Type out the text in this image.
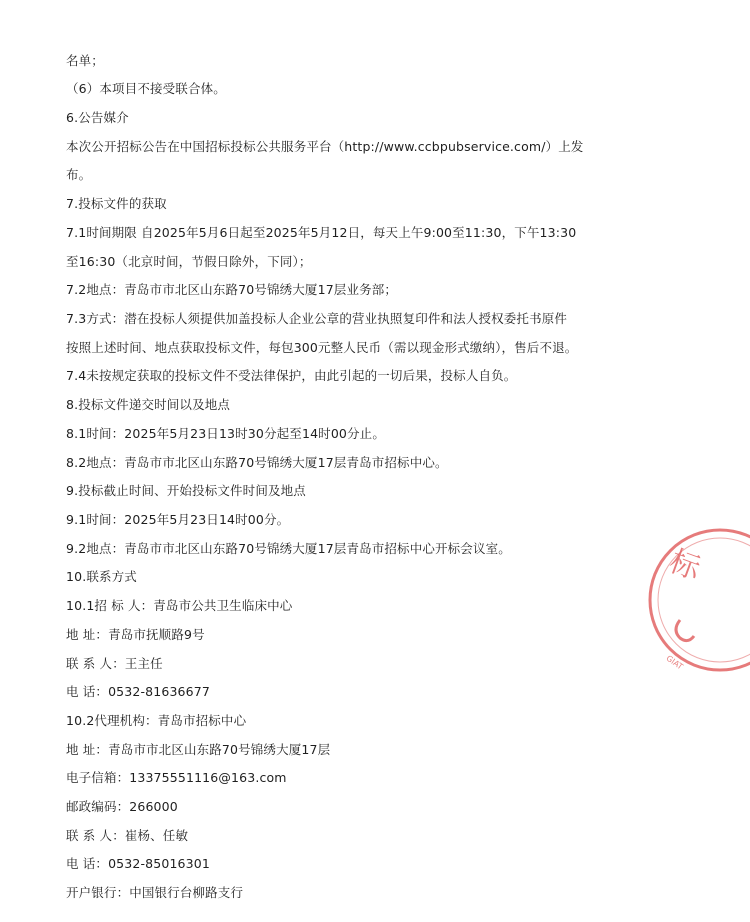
名单；
（6）本项目不接受联合体。
6.公告媒介
本次公开招标公告在中国招标投标公共服务平台（http://www.ccbpubservice.com/）上发
布。
7.投标文件的获取
7.1时间期限 自2025年5月6日起至2025年5月12日，每天上午9:00至11:30，下午13:30
至16:30（北京时间，节假日除外，下同）；
7.2地点：青岛市市北区山东路70号锦绣大厦17层业务部；
7.3方式：潜在投标人须提供加盖投标人企业公章的营业执照复印件和法人授权委托书原件
按照上述时间、地点获取投标文件，每包300元整人民币（需以现金形式缴纳），售后不退。
7.4未按规定获取的投标文件不受法律保护，由此引起的一切后果，投标人自负。
8.投标文件递交时间以及地点
8.1时间：2025年5月23日13时30分起至14时00分止。
8.2地点：青岛市市北区山东路70号锦绣大厦17层青岛市招标中心。
9.投标截止时间、开始投标文件时间及地点
9.1时间：2025年5月23日14时00分。
9.2地点：青岛市市北区山东路70号锦绣大厦17层青岛市招标中心开标会议室。
10.联系方式
10.1招 标 人：青岛市公共卫生临床中心
地 址：青岛市抚顺路9号
联 系 人：王主任
电 话：0532-81636677
10.2代理机构：青岛市招标中心
地 址：青岛市市北区山东路70号锦绣大厦17层
电子信箱：13375551116@163.com
邮政编码：266000
联 系 人：崔杨、任敏
电 话：0532-85016301
开户银行：中国银行台柳路支行
标
GIAT
